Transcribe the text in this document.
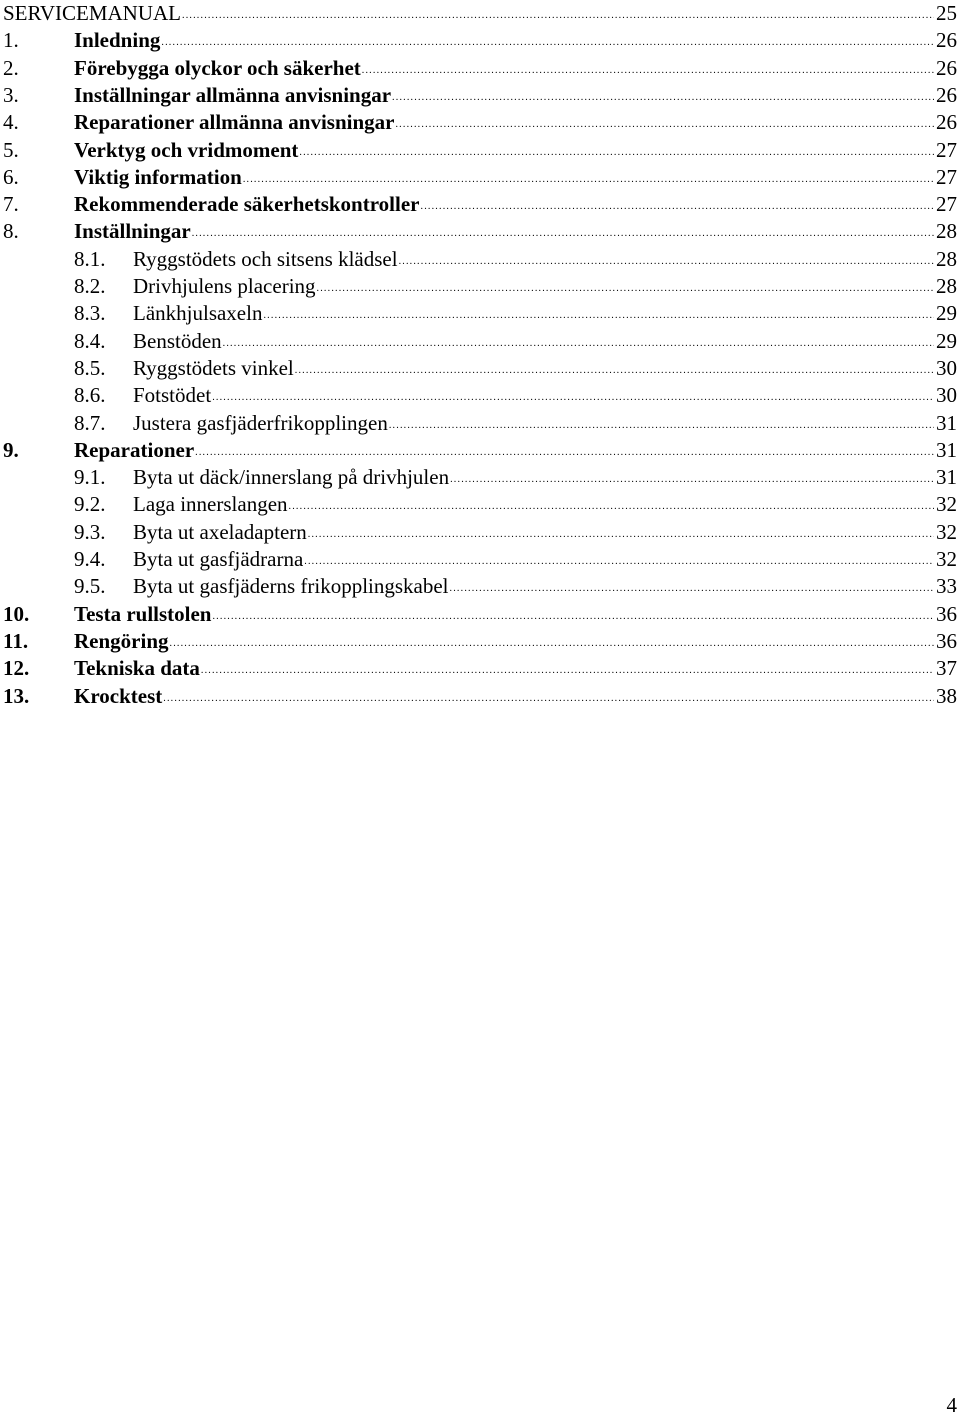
SERVICEMANUAL .....	25
1.	Inledning .....	26
2.	Förebygga olyckor och säkerhet .....	26
3.	Inställningar allmänna anvisningar .....	26
4.	Reparationer allmänna anvisningar .....	26
5.	Verktyg och vridmoment .....	27
6.	Viktig information .....	27
7.	Rekommenderade säkerhetskontroller .....	27
8.	Inställningar .....	28
8.1.	Ryggstödets och sitsens klädsel .....	28
8.2.	Drivhjulens placering .....	28
8.3.	Länkhjulsaxeln .....	29
8.4.	Benstöden .....	29
8.5.	Ryggstödets vinkel .....	30
8.6.	Fotstödet .....	30
8.7.	Justera gasfjäderfrikopplingen .....	31
9.	Reparationer .....	31
9.1.	Byta ut däck/innerslang på drivhjulen .....	31
9.2.	Laga innerslangen .....	32
9.3.	Byta ut axeladaptern .....	32
9.4.	Byta ut gasfjädrarna .....	32
9.5.	Byta ut gasfjäderns frikopplingskabel .....	33
10.	Testa rullstolen .....	36
11.	Rengöring .....	36
12.	Tekniska data .....	37
13.	Krocktest .....	38
4
